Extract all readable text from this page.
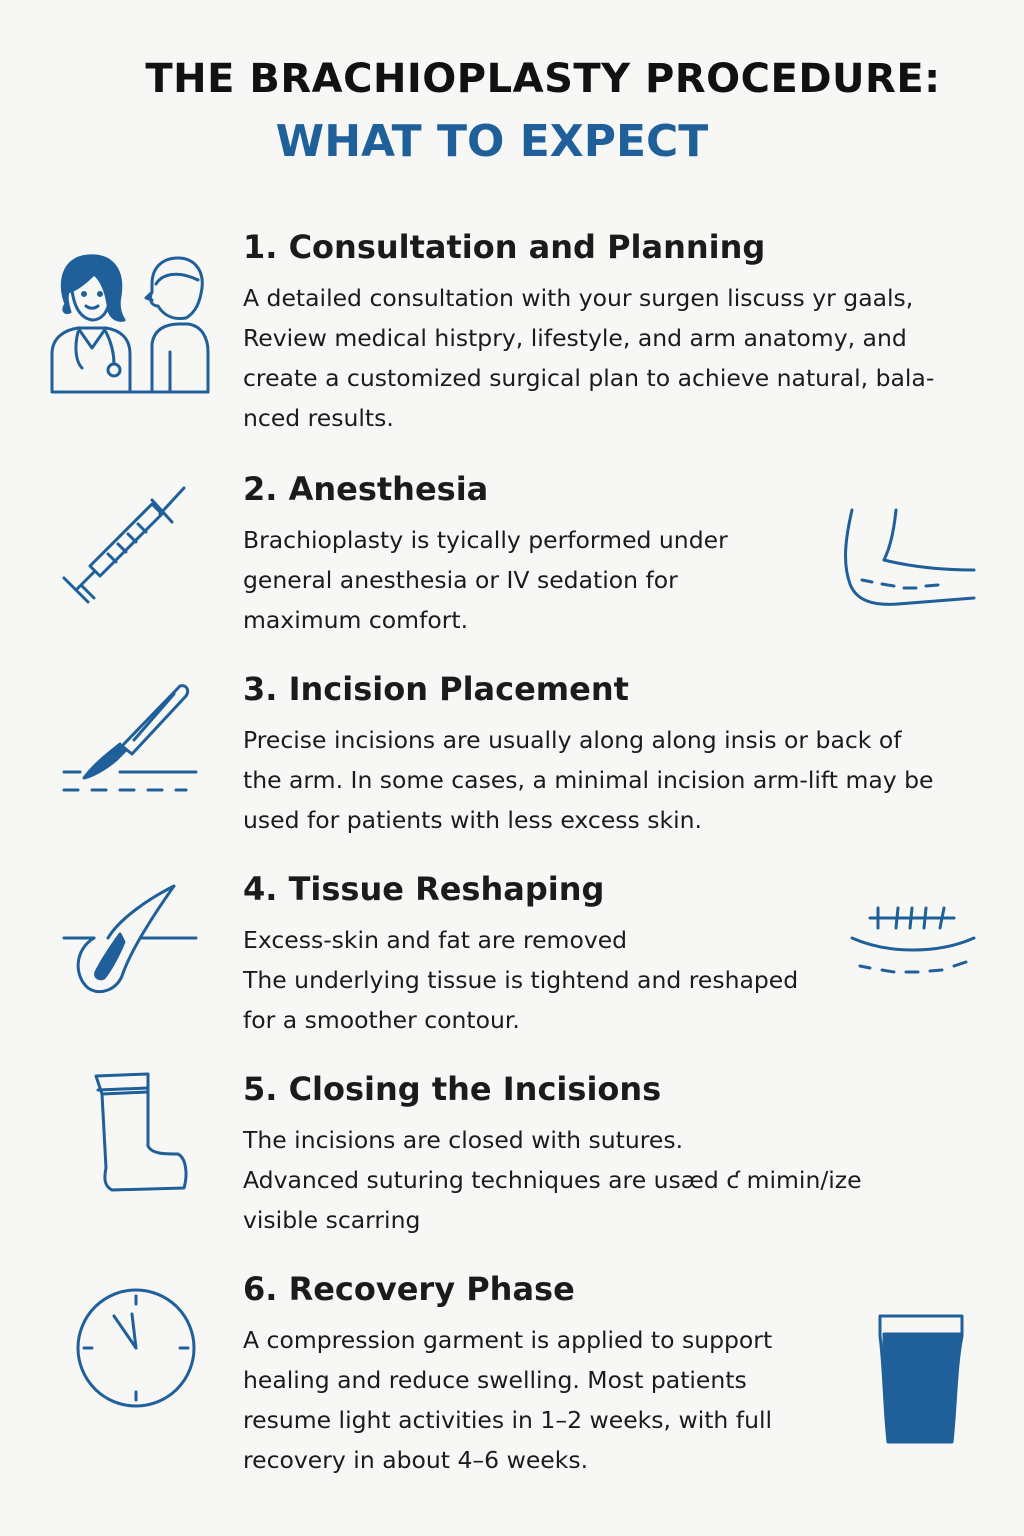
THE BRACHIOPLASTY PROCEDURE:
WHAT TO EXPECT
1. Consultation and Planning
A detailed consultation with your surgen liscuss yr gaals,
Review medical histpry, lifestyle, and arm anatomy, and
create a customized surgical plan to achieve natural, bala-
nced results.
2. Anesthesia
Brachioplasty is tyically performed under
general anesthesia or IV sedation for
maximum comfort.
3. Incision Placement
Precise incisions are usually along along insis or back of
the arm. In some cases, a minimal incision arm-lift may be
used for patients with less excess skin.
4. Tissue Reshaping
Excess-skin and fat are removed
The underlying tissue is tightend and reshaped
for a smoother contour.
5. Closing the Incisions
The incisions are closed with sutures.
Advanced suturing techniques are usæd ƈ mimin/ize
visible scarring
6. Recovery Phase
A compression garment is applied to support
healing and reduce swelling. Most patients
resume light activities in 1–2 weeks, with full
recovery in about 4–6 weeks.
